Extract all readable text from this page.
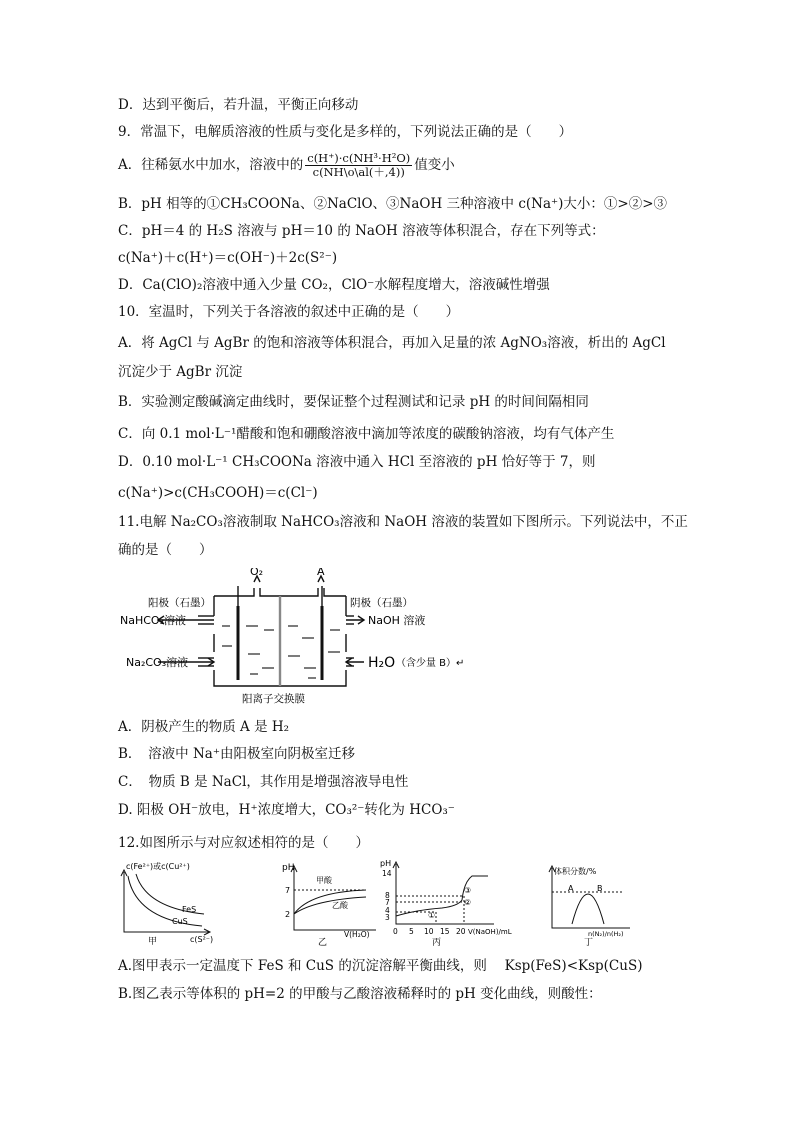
D．达到平衡后，若升温，平衡正向移动
9．常温下，电解质溶液的性质与变化是多样的，下列说法正确的是（　　）
A．往稀氨水中加水，溶液中的 $\frac{\text{c(H⁺)·c(NH³·H²O)}}{c(NH\backslash o\backslash al(+,4))}$ 值变小
B．pH 相等的①CH₃COONa、②NaClO、③NaOH 三种溶液中 c(Na⁺)大小：①>②>③
C．pH＝4 的 H₂S 溶液与 pH＝10 的 NaOH 溶液等体积混合，存在下列等式：
c(Na⁺)＋c(H⁺)＝c(OH⁻)＋2c(S²⁻)
D．Ca(ClO)₂溶液中通入少量 CO₂，ClO⁻水解程度增大，溶液碱性增强
10．室温时，下列关于各溶液的叙述中正确的是（　　）
A．将 AgCl 与 AgBr 的饱和溶液等体积混合，再加入足量的浓 AgNO₃溶液，析出的 AgCl
沉淀少于 AgBr 沉淀
B．实验测定酸碱滴定曲线时，要保证整个过程测试和记录 pH 的时间间隔相同
C．向 0.1 mol·L⁻¹醋酸和饱和硼酸溶液中滴加等浓度的碳酸钠溶液，均有气体产生
D．0.10 mol·L⁻¹ CH₃COONa 溶液中通入 HCl 至溶液的 pH 恰好等于 7，则
c(Na⁺)>c(CH₃COOH)＝c(Cl⁻)
11.电解 Na₂CO₃溶液制取 NaHCO₃溶液和 NaOH 溶液的装置如下图所示。下列说法中，不正
确的是（　　）
O₂	A
阳极（石墨）	阴极（石墨）
NaHCO₃溶液
Na₂CO₃溶液
NaOH 溶液
H₂O （含少量 B）↵
阳离子交换膜
A．阴极产生的物质 A 是 H₂
B．　溶液中 Na⁺由阳极室向阴极室迁移
C．　物质 B 是 NaCl，其作用是增强溶液导电性
D. 阳极 OH⁻放电，H⁺浓度增大，CO₃²⁻转化为 HCO₃⁻
12.如图所示与对应叙述相符的是（　　）
c(Fe²⁺)或c(Cu²⁺)
FeS
CuS
c(S²⁻)
甲
pH
7
2
甲酸
乙酸
V(H₂O)
乙
pH
14
8
7
4
3
0 5 10 15 20 V(NaOH)/mL
①
②
③
丙
体积分数/%
A	B
n(N₂)/n(H₂)
丁
A.图甲表示一定温度下 FeS 和 CuS 的沉淀溶解平衡曲线，则　 Ksp(FeS)<Ksp(CuS)
B.图乙表示等体积的 pH=2 的甲酸与乙酸溶液稀释时的 pH 变化曲线，则酸性：
